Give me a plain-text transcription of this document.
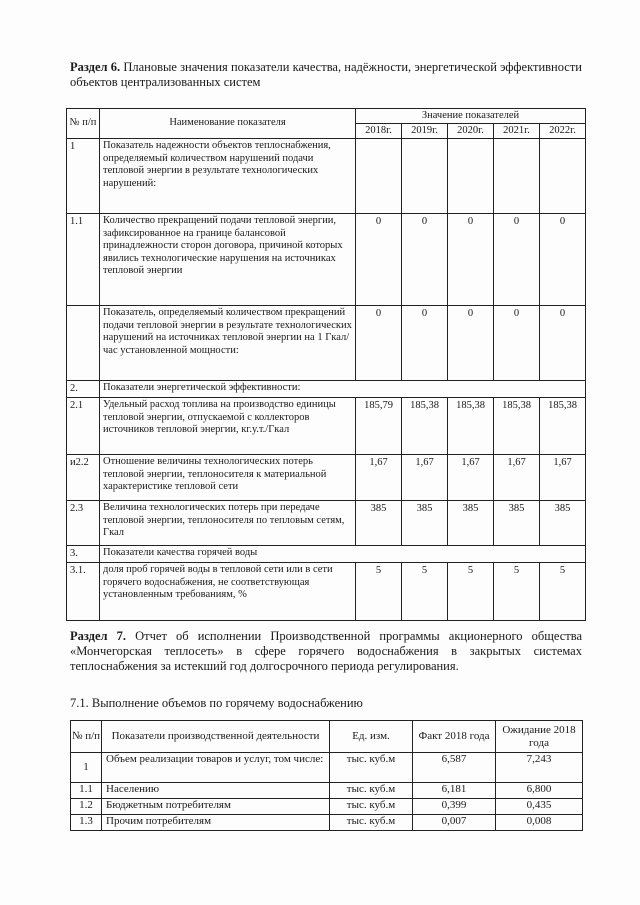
Раздел 6. Плановые значения показатели качества, надёжности, энергетической эффективности объектов централизованных систем
№ п/п	Наименование показателя	Значение показателей				
		2018г.	2019г.	2020г.	2021г.	2022г.
1	Показатель надежности объектов теплоснабжения, определяемый количеством нарушений подачи тепловой энергии в результате технологических нарушений:					
1.1	Количество прекращений подачи тепловой энергии, зафиксированное на границе балансовой принадлежности сторон договора, причиной которых явились технологические нарушения на источниках тепловой энергии	0	0	0	0	0
	Показатель, определяемый количеством прекращений подачи тепловой энергии в результате технологических нарушений на источниках тепловой энергии на 1 Гкал/час установленной мощности:	0	0	0	0	0
2.	Показатели энергетической эффективности:					
2.1	Удельный расход топлива на производство единицы тепловой энергии, отпускаемой с коллекторов источников тепловой энергии, кг.у.т./Гкал	185,79	185,38	185,38	185,38	185,38
и2.2	Отношение величины технологических потерь тепловой энергии, теплоносителя к материальной характеристике тепловой сети	1,67	1,67	1,67	1,67	1,67
2.3	Величина технологических потерь при передаче тепловой энергии, теплоносителя по тепловым сетям, Гкал	385	385	385	385	385
3.	Показатели качества горячей воды					
3.1.	доля проб горячей воды в тепловой сети или в сети горячего водоснабжения, не соответствующая установленным требованиям, %	5	5	5	5	5
Раздел 7. Отчет об исполнении Производственной программы акционерного общества «Мончегорская теплосеть» в сфере горячего водоснабжения в закрытых системах теплоснабжения за истекший год долгосрочного периода регулирования.
7.1. Выполнение объемов по горячему водоснабжению
№ п/п	Показатели производственной деятельности	Ед. изм.	Факт 2018 года	Ожидание 2018 года
1	Объем реализации товаров и услуг, том числе:	тыс. куб.м	6,587	7,243
1.1	Населению	тыс. куб.м	6,181	6,800
1.2	Бюджетным потребителям	тыс. куб.м	0,399	0,435
1.3	Прочим потребителям	тыс. куб.м	0,007	0,008
